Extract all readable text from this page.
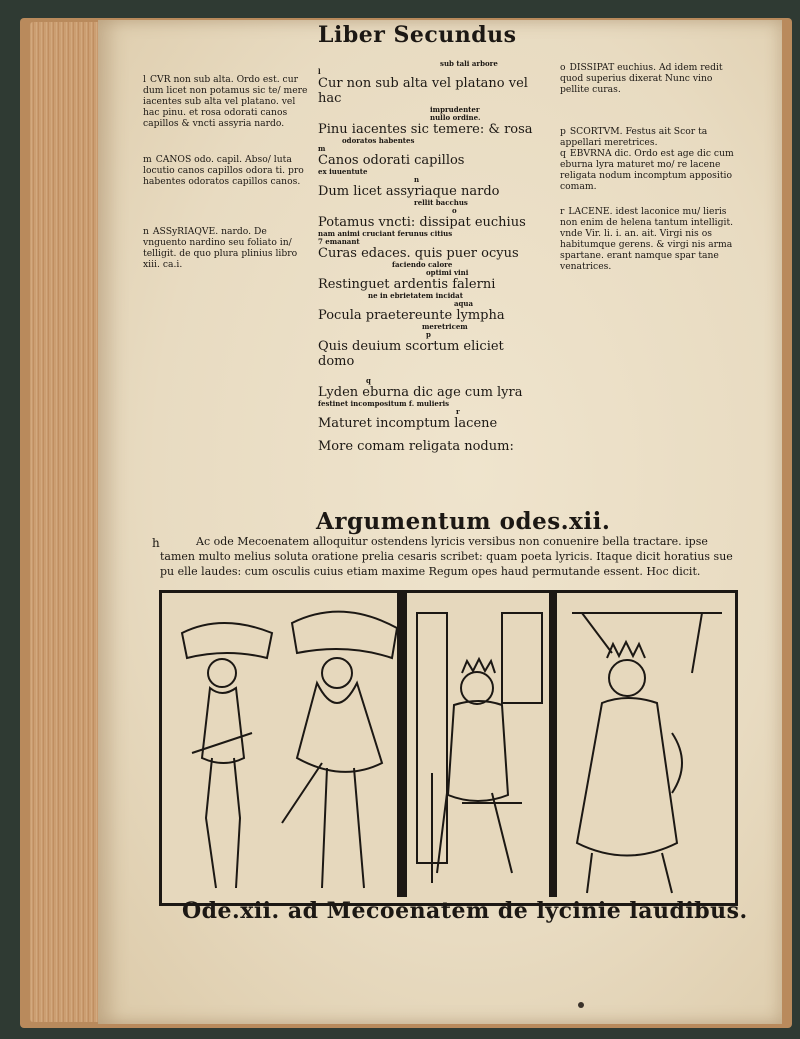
Liber Secundus
l CVR non sub alta. Ordo est. cur dum licet non potamus sic te/ mere iacentes sub alta vel platano. vel hac pinu. et rosa odorati canos capillos & vncti assyria nardo.
m CANOS odo. capil. Abso/ luta locutio canos capillos odora ti. pro habentes odoratos capillos canos.
n ASSyRIAQVE. nardo. De vnguento nardino seu foliato in/ telligit. de quo plura plinius libro xiii. ca.i.
sub tali arbore
l
Cur non sub alta vel platano vel hac
imprudenter
nullo ordine.
Pinu iacentes sic temere: & rosa
odoratos habentes
m
Canos odorati capillos
ex iuuentute
n
Dum licet assyriaque nardo
rellit bacchus
o
Potamus vncti: dissipat euchius
nam animi cruciant ferunus citius
7 emanant
Curas edaces. quis puer ocyus
faciendo calore
optimi vini
Restinguet ardentis falerni
ne in ebrietatem incidat
aqua
Pocula praetereunte lympha
meretricem
p
Quis deuium scortum eliciet domo
q
Lyden eburna dic age cum lyra
festinet incompositum f. mulieris
r
Maturet incomptum lacene
More comam religata nodum:
o DISSIPAT euchius. Ad idem redit quod superius dixerat Nunc vino pellite curas.
p SCORTVM. Festus ait Scor ta appellari meretrices.
q EBVRNA dic. Ordo est age dic cum eburna lyra maturet mo/ re lacene religata nodum incomptum appositio comam.
r LACENE. idest laconice mu/ lieris non enim de helena tantum intelligit. vnde Vir. li. i. an. ait. Virgi nis os habitumque gerens. & virgi nis arma spartane. erant namque spar tane venatrices.
Argumentum odes.xii.
h	Ac ode Mecoenatem alloquitur ostendens lyricis versibus non conuenire bella tractare. ipse tamen multo melius soluta oratione prelia cesaris scribet: quam poeta lyricis. Itaque dicit horatius sue pu elle laudes: cum osculis cuius etiam maxime Regum opes haud permutande essent. Hoc dicit.
Ode.xii. ad Mecoenatem de lycinie laudibus.
